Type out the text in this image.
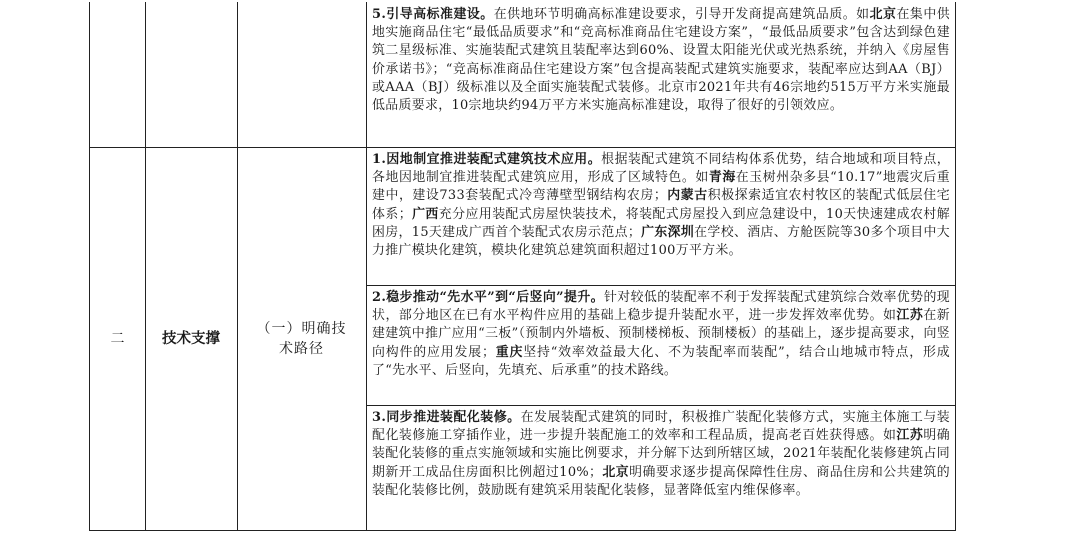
5.引导高标准建设。在供地环节明确高标准建设要求，引导开发商提高建筑品质。如北京在集中供地实施商品住宅“最低品质要求”和“竞高标准商品住宅建设方案”，“最低品质要求”包含达到绿色建筑二星级标准、实施装配式建筑且装配率达到60%、设置太阳能光伏或光热系统，并纳入《房屋售价承诺书》；“竞高标准商品住宅建设方案”包含提高装配式建筑实施要求，装配率应达到AA（BJ）或AAA（BJ）级标准以及全面实施装配式装修。北京市2021年共有46宗地约515万平方米实施最低品质要求，10宗地块约94万平方米实施高标准建设，取得了很好的引领效应。
二	技术支撑
（一）明确技术路径
1.因地制宜推进装配式建筑技术应用。根据装配式建筑不同结构体系优势，结合地域和项目特点，各地因地制宜推进装配式建筑应用，形成了区域特色。如青海在玉树州杂多县“10.17”地震灾后重建中，建设733套装配式冷弯薄壁型钢结构农房；内蒙古积极探索适宜农村牧区的装配式低层住宅体系；广西充分应用装配式房屋快装技术，将装配式房屋投入到应急建设中，10天快速建成农村解困房，15天建成广西首个装配式农房示范点；广东深圳在学校、酒店、方舱医院等30多个项目中大力推广模块化建筑，模块化建筑总建筑面积超过100万平方米。
2.稳步推动“先水平”到“后竖向”提升。针对较低的装配率不利于发挥装配式建筑综合效率优势的现状，部分地区在已有水平构件应用的基础上稳步提升装配水平，进一步发挥效率优势。如江苏在新建建筑中推广应用“三板”（预制内外墙板、预制楼梯板、预制楼板）的基础上，逐步提高要求，向竖向构件的应用发展；重庆坚持“效率效益最大化、不为装配率而装配”，结合山地城市特点，形成了“先水平、后竖向，先填充、后承重”的技术路线。
3.同步推进装配化装修。在发展装配式建筑的同时，积极推广装配化装修方式，实施主体施工与装配化装修施工穿插作业，进一步提升装配施工的效率和工程品质，提高老百姓获得感。如江苏明确装配化装修的重点实施领域和实施比例要求，并分解下达到所辖区域，2021年装配化装修建筑占同期新开工成品住房面积比例超过10%；北京明确要求逐步提高保障性住房、商品住房和公共建筑的装配化装修比例，鼓励既有建筑采用装配化装修，显著降低室内维保修率。
